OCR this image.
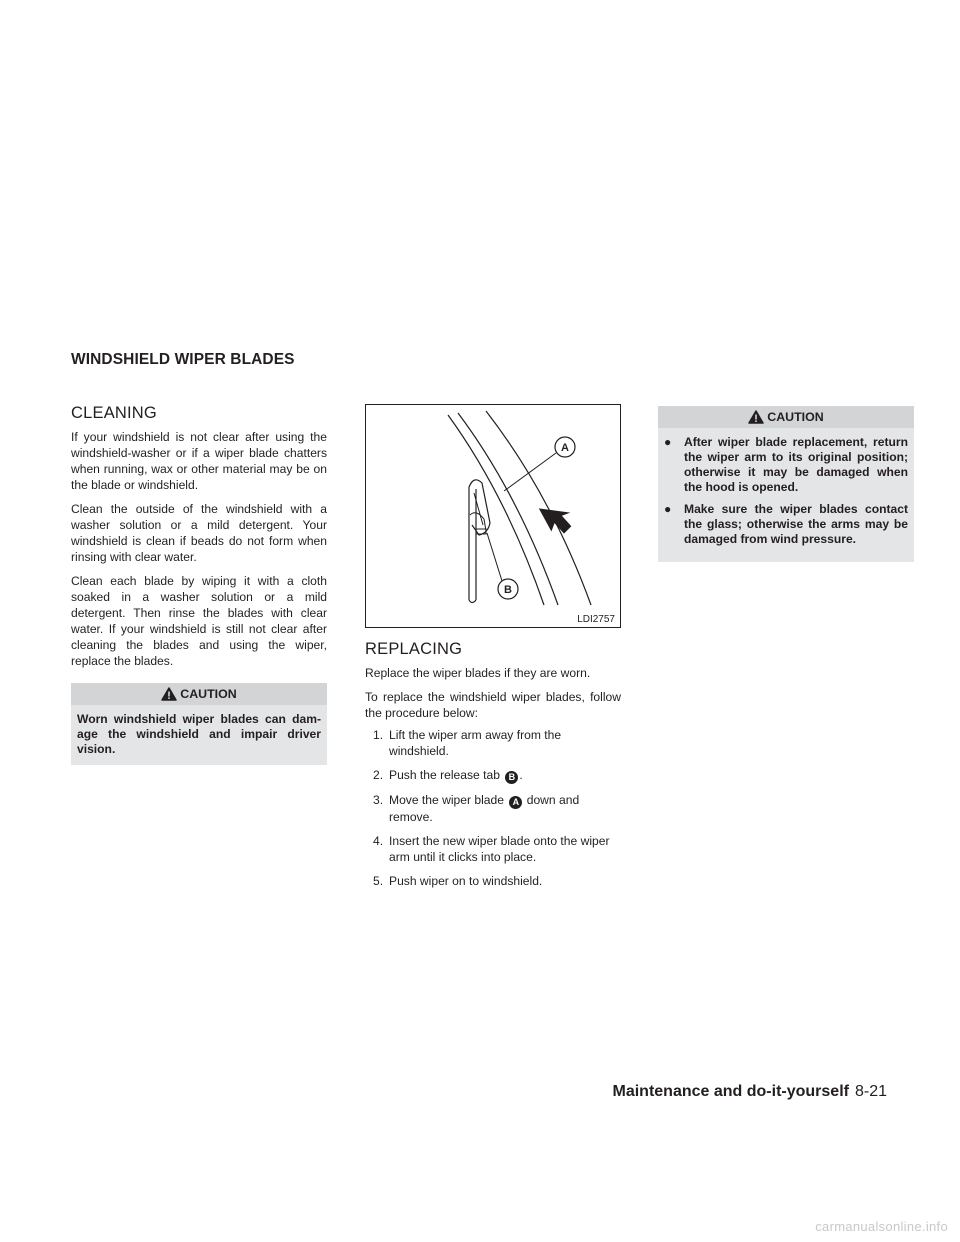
WINDSHIELD WIPER BLADES
CLEANING

If your windshield is not clear after using the windshield-washer or if a wiper blade chatters when running, wax or other material may be on the blade or windshield.

Clean the outside of the windshield with a washer solution or a mild detergent. Your windshield is clean if beads do not form when rinsing with clear water.

Clean each blade by wiping it with a cloth soaked in a washer solution or a mild detergent. Then rinse the blades with clear water. If your windshield is still not clear after cleaning the blades and using the wiper, replace the blades.

CAUTION

Worn windshield wiper blades can damage the windshield and impair driver vision.

A
B
LDI2757
REPLACING

Replace the wiper blades if they are worn.

To replace the windshield wiper blades, follow the procedure below:

1. Lift the wiper arm away from the windshield.
2. Push the release tab B .
3. Move the wiper blade A down and remove.
4. Insert the new wiper blade onto the wiper arm until it clicks into place.
5. Push wiper on to windshield.
CAUTION
● After wiper blade replacement, return the wiper arm to its original position; otherwise it may be damaged when the hood is opened.
● Make sure the wiper blades contact the glass; otherwise the arms may be damaged from wind pressure.
Maintenance and do-it-yourself 8-21
carmanualsonline.info
